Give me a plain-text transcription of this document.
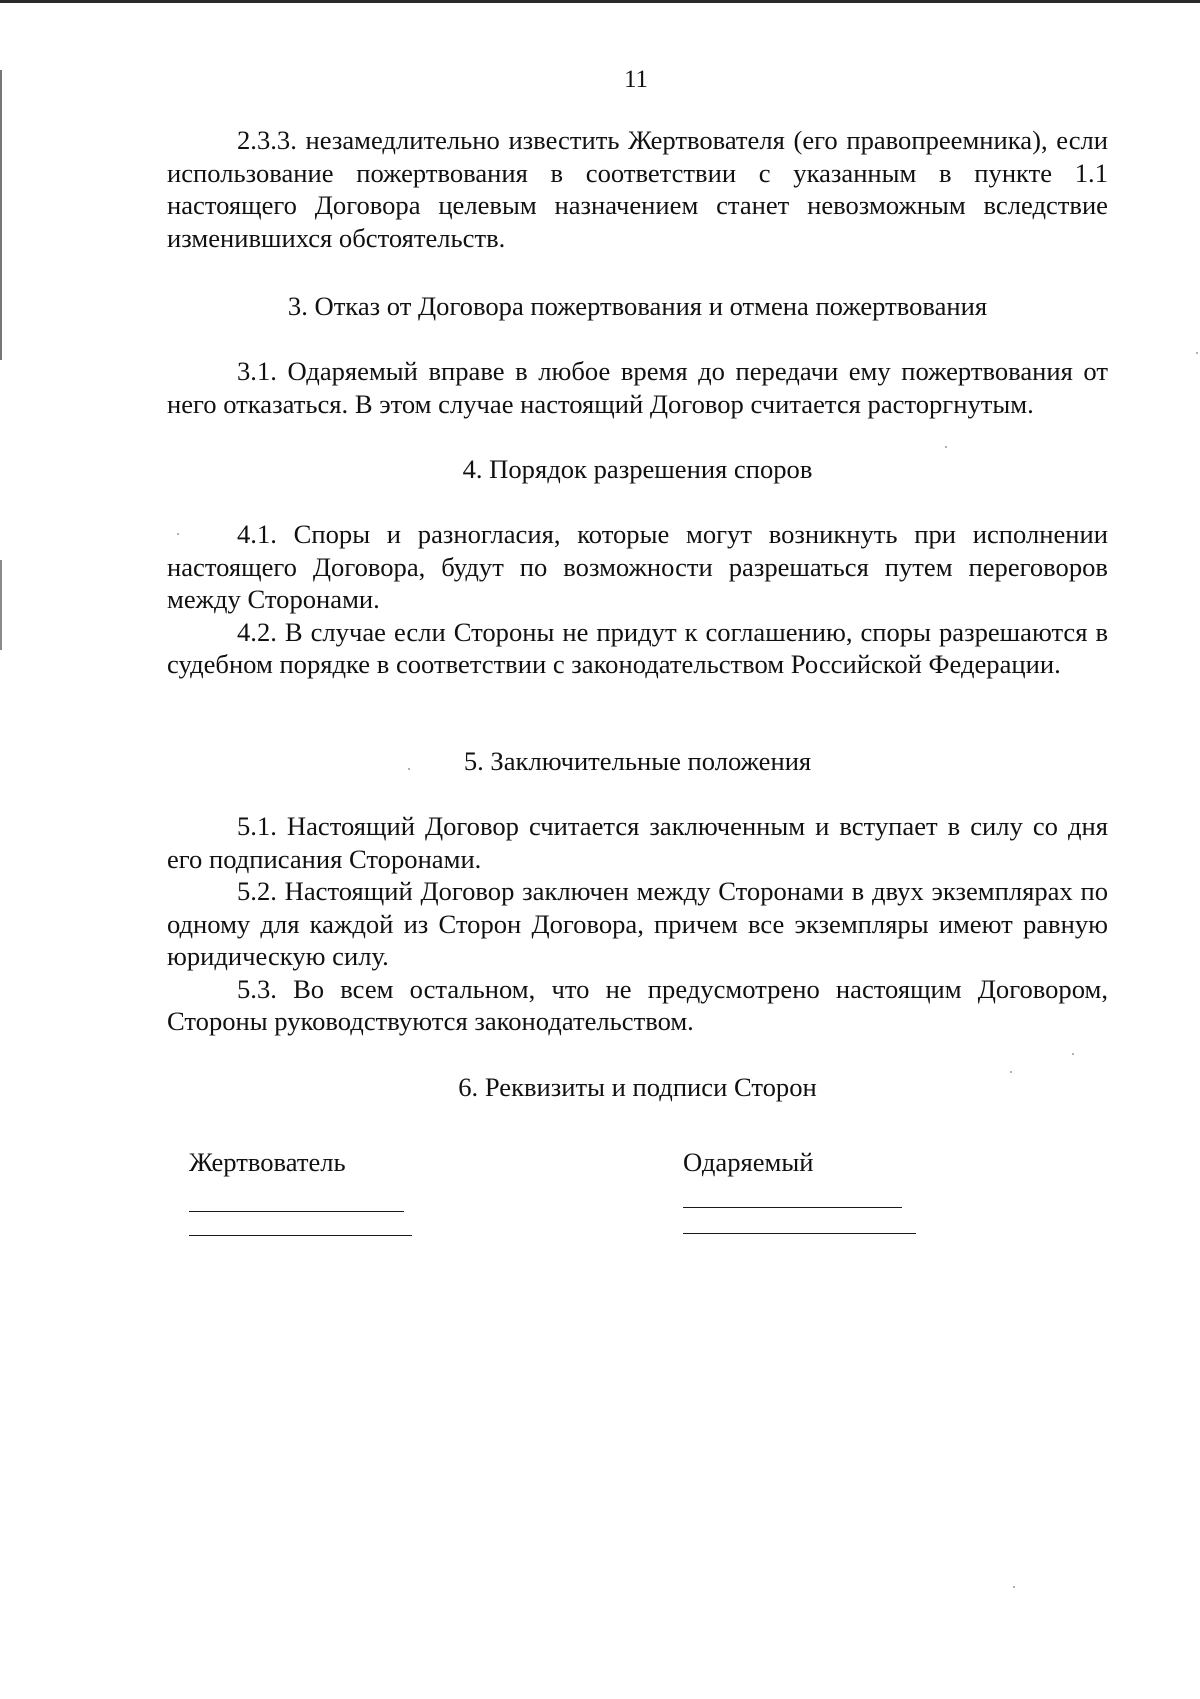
11

2.3.3. незамедлительно известить Жертвователя (его правопреемника), если использование пожертвования в соответствии с указанным в пункте 1.1 настоящего Договора целевым назначением станет невозможным вследствие изменившихся обстоятельств.

3. Отказ от Договора пожертвования и отмена пожертвования

3.1. Одаряемый вправе в любое время до передачи ему пожертвования от него отказаться. В этом случае настоящий Договор считается расторгнутым.

4. Порядок разрешения споров

4.1. Споры и разногласия, которые могут возникнуть при исполнении настоящего Договора, будут по возможности разрешаться путем переговоров между Сторонами.

4.2. В случае если Стороны не придут к соглашению, споры разрешаются в судебном порядке в соответствии с законодательством Российской Федерации.

5. Заключительные положения

5.1. Настоящий Договор считается заключенным и вступает в силу со дня его подписания Сторонами.

5.2. Настоящий Договор заключен между Сторонами в двух экземплярах по одному для каждой из Сторон Договора, причем все экземпляры имеют равную юридическую силу.

5.3. Во всем остальном, что не предусмотрено настоящим Договором, Стороны руководствуются законодательством.

6. Реквизиты и подписи Сторон
Жертвователь	Одаряемый
